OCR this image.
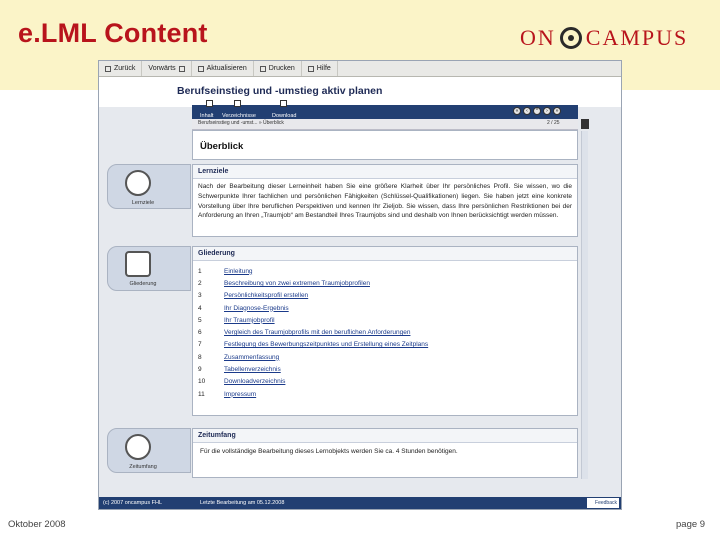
e.LML Content	ON CAMPUS
Zurück Vorwärts	Aktualisieren	Drucken	Hilfe
Berufseinstieg und -umstieg aktiv planen
Inhalt Verzeichnisse	Download
«	‹	^	›	»
Berufseinstieg und -umst... » Überblick	2 / 25
Überblick
Lernziele
Lernziele
Nach der Bearbeitung dieser Lerneinheit haben Sie eine größere Klarheit über Ihr persönliches Profil. Sie wissen, wo die Schwerpunkte Ihrer fachlichen und persönlichen Fähigkeiten (Schlüssel-Qualifikationen) liegen. Sie haben jetzt eine konkrete Vorstellung über Ihre beruflichen Perspektiven und kennen Ihr Zieljob. Sie wissen, dass Ihre persönlichen Restriktionen bei der Anforderung an Ihren „Traumjob“ am Bestandteil Ihres Traumjobs sind und deshalb von Ihnen berücksichtigt werden müssen.
Gliederung
Gliederung
1	Einleitung
2	Beschreibung von zwei extremen Traumjobprofilen
3	Persönlichkeitsprofil erstellen
4	Ihr Diagnose-Ergebnis
5	Ihr Traumjobprofil
6	Vergleich des Traumjobprofils mit den beruflichen Anforderungen
7	Festlegung des Bewerbungszeitpunktes und Erstellung eines Zeitplans
8	Zusammenfassung
9	Tabellenverzeichnis
10	Downloadverzeichnis
11	Impressum
Zeitumfang
Zeitumfang
Für die vollständige Bearbeitung dieses Lernobjekts werden Sie ca. 4 Stunden benötigen.
(c) 2007 oncampus FHL	Letzte Bearbeitung am 05.12.2008	Feedback
Oktober 2008	page 9
